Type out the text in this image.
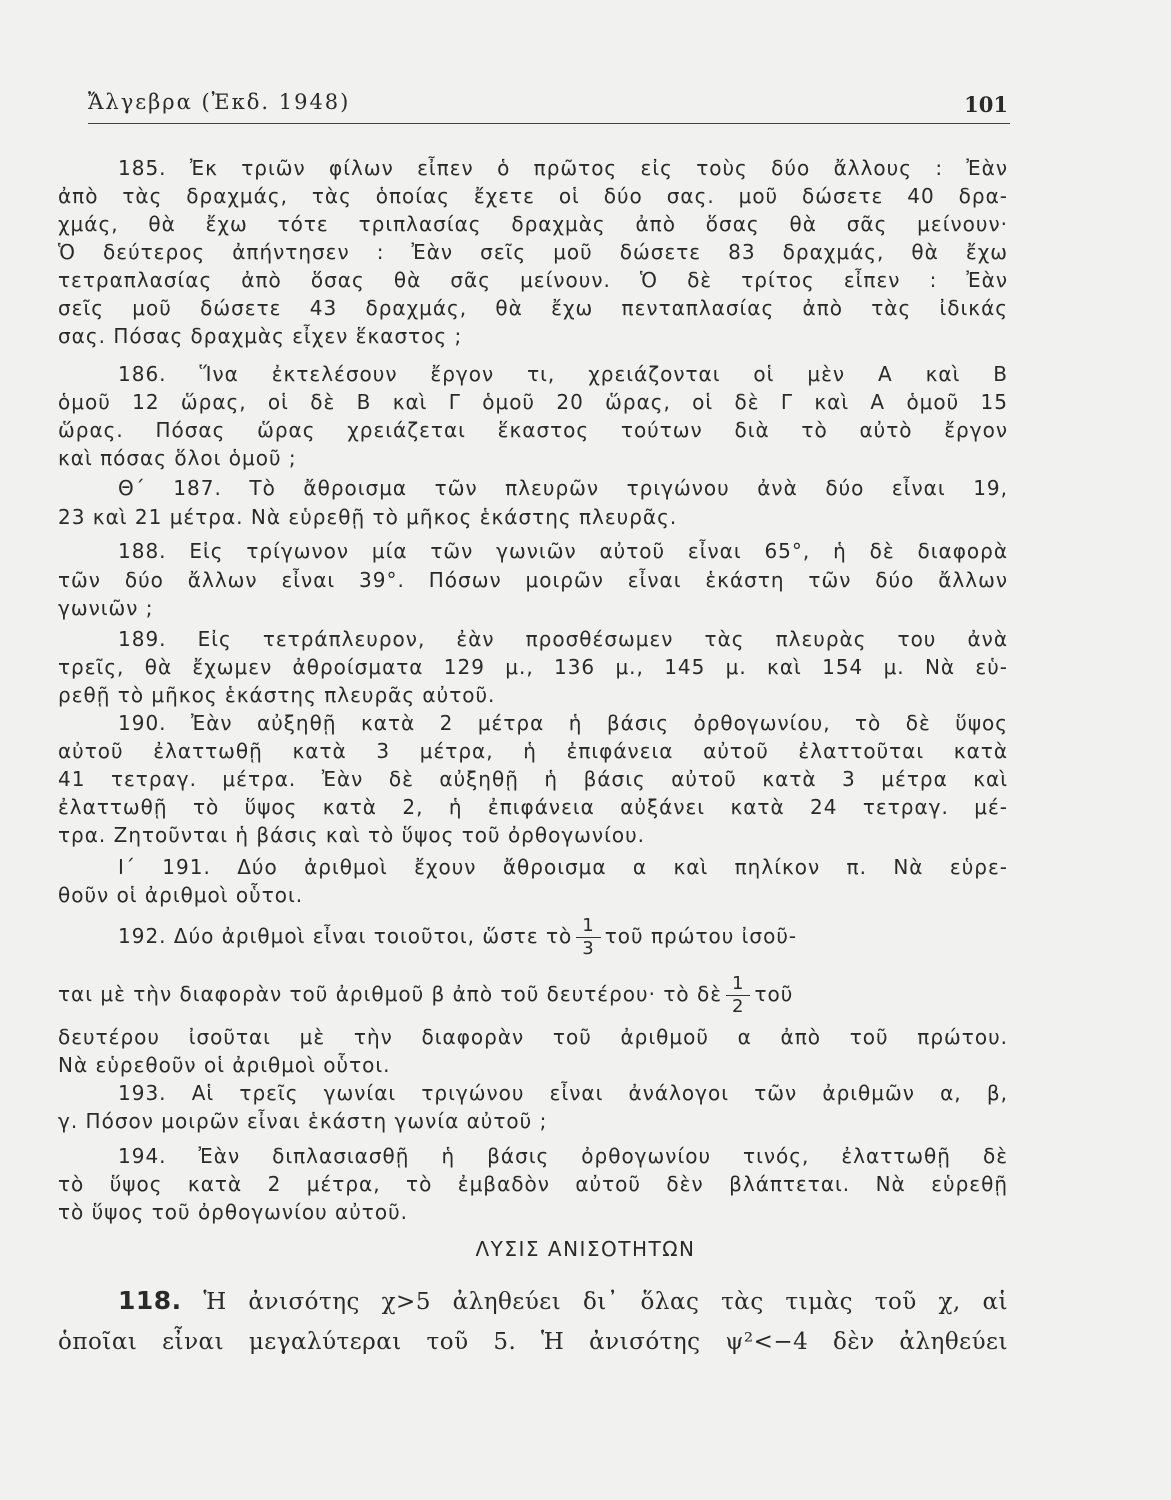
Ἄλγεβρα (Ἐκδ. 1948)	101
185. Ἐκ τριῶν φίλων εἶπεν ὁ πρῶτος εἰς τοὺς δύο ἄλλους : Ἐὰν
ἀπὸ τὰς δραχμάς, τὰς ὁποίας ἔχετε οἱ δύο σας. μοῦ δώσετε 40 δρα-
χμάς, θὰ ἔχω τότε τριπλασίας δραχμὰς ἀπὸ ὅσας θὰ σᾶς μείνουν·
Ὁ δεύτερος ἀπήντησεν : Ἐὰν σεῖς μοῦ δώσετε 83 δραχμάς, θὰ ἔχω
τετραπλασίας ἀπὸ ὅσας θὰ σᾶς μείνουν. Ὁ δὲ τρίτος εἶπεν : Ἐὰν
σεῖς μοῦ δώσετε 43 δραχμάς, θὰ ἔχω πενταπλασίας ἀπὸ τὰς ἰδικάς
σας. Πόσας δραχμὰς εἶχεν ἕκαστος ;
186. Ἵνα ἐκτελέσουν ἔργον τι, χρειάζονται οἱ μὲν Α καὶ Β
ὁμοῦ 12 ὥρας, οἱ δὲ Β καὶ Γ ὁμοῦ 20 ὥρας, οἱ δὲ Γ καὶ Α ὁμοῦ 15
ὥρας. Πόσας ὥρας χρειάζεται ἕκαστος τούτων διὰ τὸ αὐτὸ ἔργον
καὶ πόσας ὅλοι ὁμοῦ ;
Θ΄ 187. Τὸ ἄθροισμα τῶν πλευρῶν τριγώνου ἀνὰ δύο εἶναι 19,
23 καὶ 21 μέτρα. Νὰ εὑρεθῇ τὸ μῆκος ἑκάστης πλευρᾶς.
188. Εἰς τρίγωνον μία τῶν γωνιῶν αὐτοῦ εἶναι 65°, ἡ δὲ διαφορὰ
τῶν δύο ἄλλων εἶναι 39°. Πόσων μοιρῶν εἶναι ἑκάστη τῶν δύο ἄλλων
γωνιῶν ;
189. Εἰς τετράπλευρον, ἐὰν προσθέσωμεν τὰς πλευρὰς του ἀνὰ
τρεῖς, θὰ ἔχωμεν ἀθροίσματα 129 μ., 136 μ., 145 μ. καὶ 154 μ. Νὰ εὑ-
ρεθῇ τὸ μῆκος ἑκάστης πλευρᾶς αὐτοῦ.
190. Ἐὰν αὐξηθῇ κατὰ 2 μέτρα ἡ βάσις ὀρθογωνίου, τὸ δὲ ὕψος
αὐτοῦ ἐλαττωθῇ κατὰ 3 μέτρα, ἡ ἐπιφάνεια αὐτοῦ ἐλαττοῦται κατὰ
41 τετραγ. μέτρα. Ἐὰν δὲ αὐξηθῇ ἡ βάσις αὐτοῦ κατὰ 3 μέτρα καὶ
ἐλαττωθῇ τὸ ὕψος κατὰ 2, ἡ ἐπιφάνεια αὐξάνει κατὰ 24 τετραγ. μέ-
τρα. Ζητοῦνται ἡ βάσις καὶ τὸ ὕψος τοῦ ὀρθογωνίου.
Ι΄ 191. Δύο ἀριθμοὶ ἔχουν ἄθροισμα α καὶ πηλίκον π. Νὰ εὑρε-
θοῦν οἱ ἀριθμοὶ οὗτοι.
192. Δύο ἀριθμοὶ εἶναι τοιοῦτοι, ὥστε τὸ $\frac{1}{3}$ τοῦ πρώτου ἰσοῦ-
ται μὲ τὴν διαφορὰν τοῦ ἀριθμοῦ β ἀπὸ τοῦ δευτέρου· τὸ δὲ $\frac{1}{2}$ τοῦ
δευτέρου ἰσοῦται μὲ τὴν διαφορὰν τοῦ ἀριθμοῦ α ἀπὸ τοῦ πρώτου.
Νὰ εὑρεθοῦν οἱ ἀριθμοὶ οὗτοι.
193. Αἱ τρεῖς γωνίαι τριγώνου εἶναι ἀνάλογοι τῶν ἀριθμῶν α, β,
γ. Πόσον μοιρῶν εἶναι ἑκάστη γωνία αὐτοῦ ;
194. Ἐὰν διπλασιασθῇ ἡ βάσις ὀρθογωνίου τινός, ἐλαττωθῇ δὲ
τὸ ὕψος κατὰ 2 μέτρα, τὸ ἐμβαδὸν αὐτοῦ δὲν βλάπτεται. Νὰ εὑρεθῇ
τὸ ὕψος τοῦ ὀρθογωνίου αὐτοῦ.
ΛΥΣΙΣ ΑΝΙΣΟΤΗΤΩΝ
118. Ἡ ἀνισότης χ>5 ἀληθεύει δι᾽ ὅλας τὰς τιμὰς τοῦ χ, αἱ
ὁποῖαι εἶναι μεγαλύτεραι τοῦ 5. Ἡ ἀνισότης ψ²<−4 δὲν ἀληθεύει
